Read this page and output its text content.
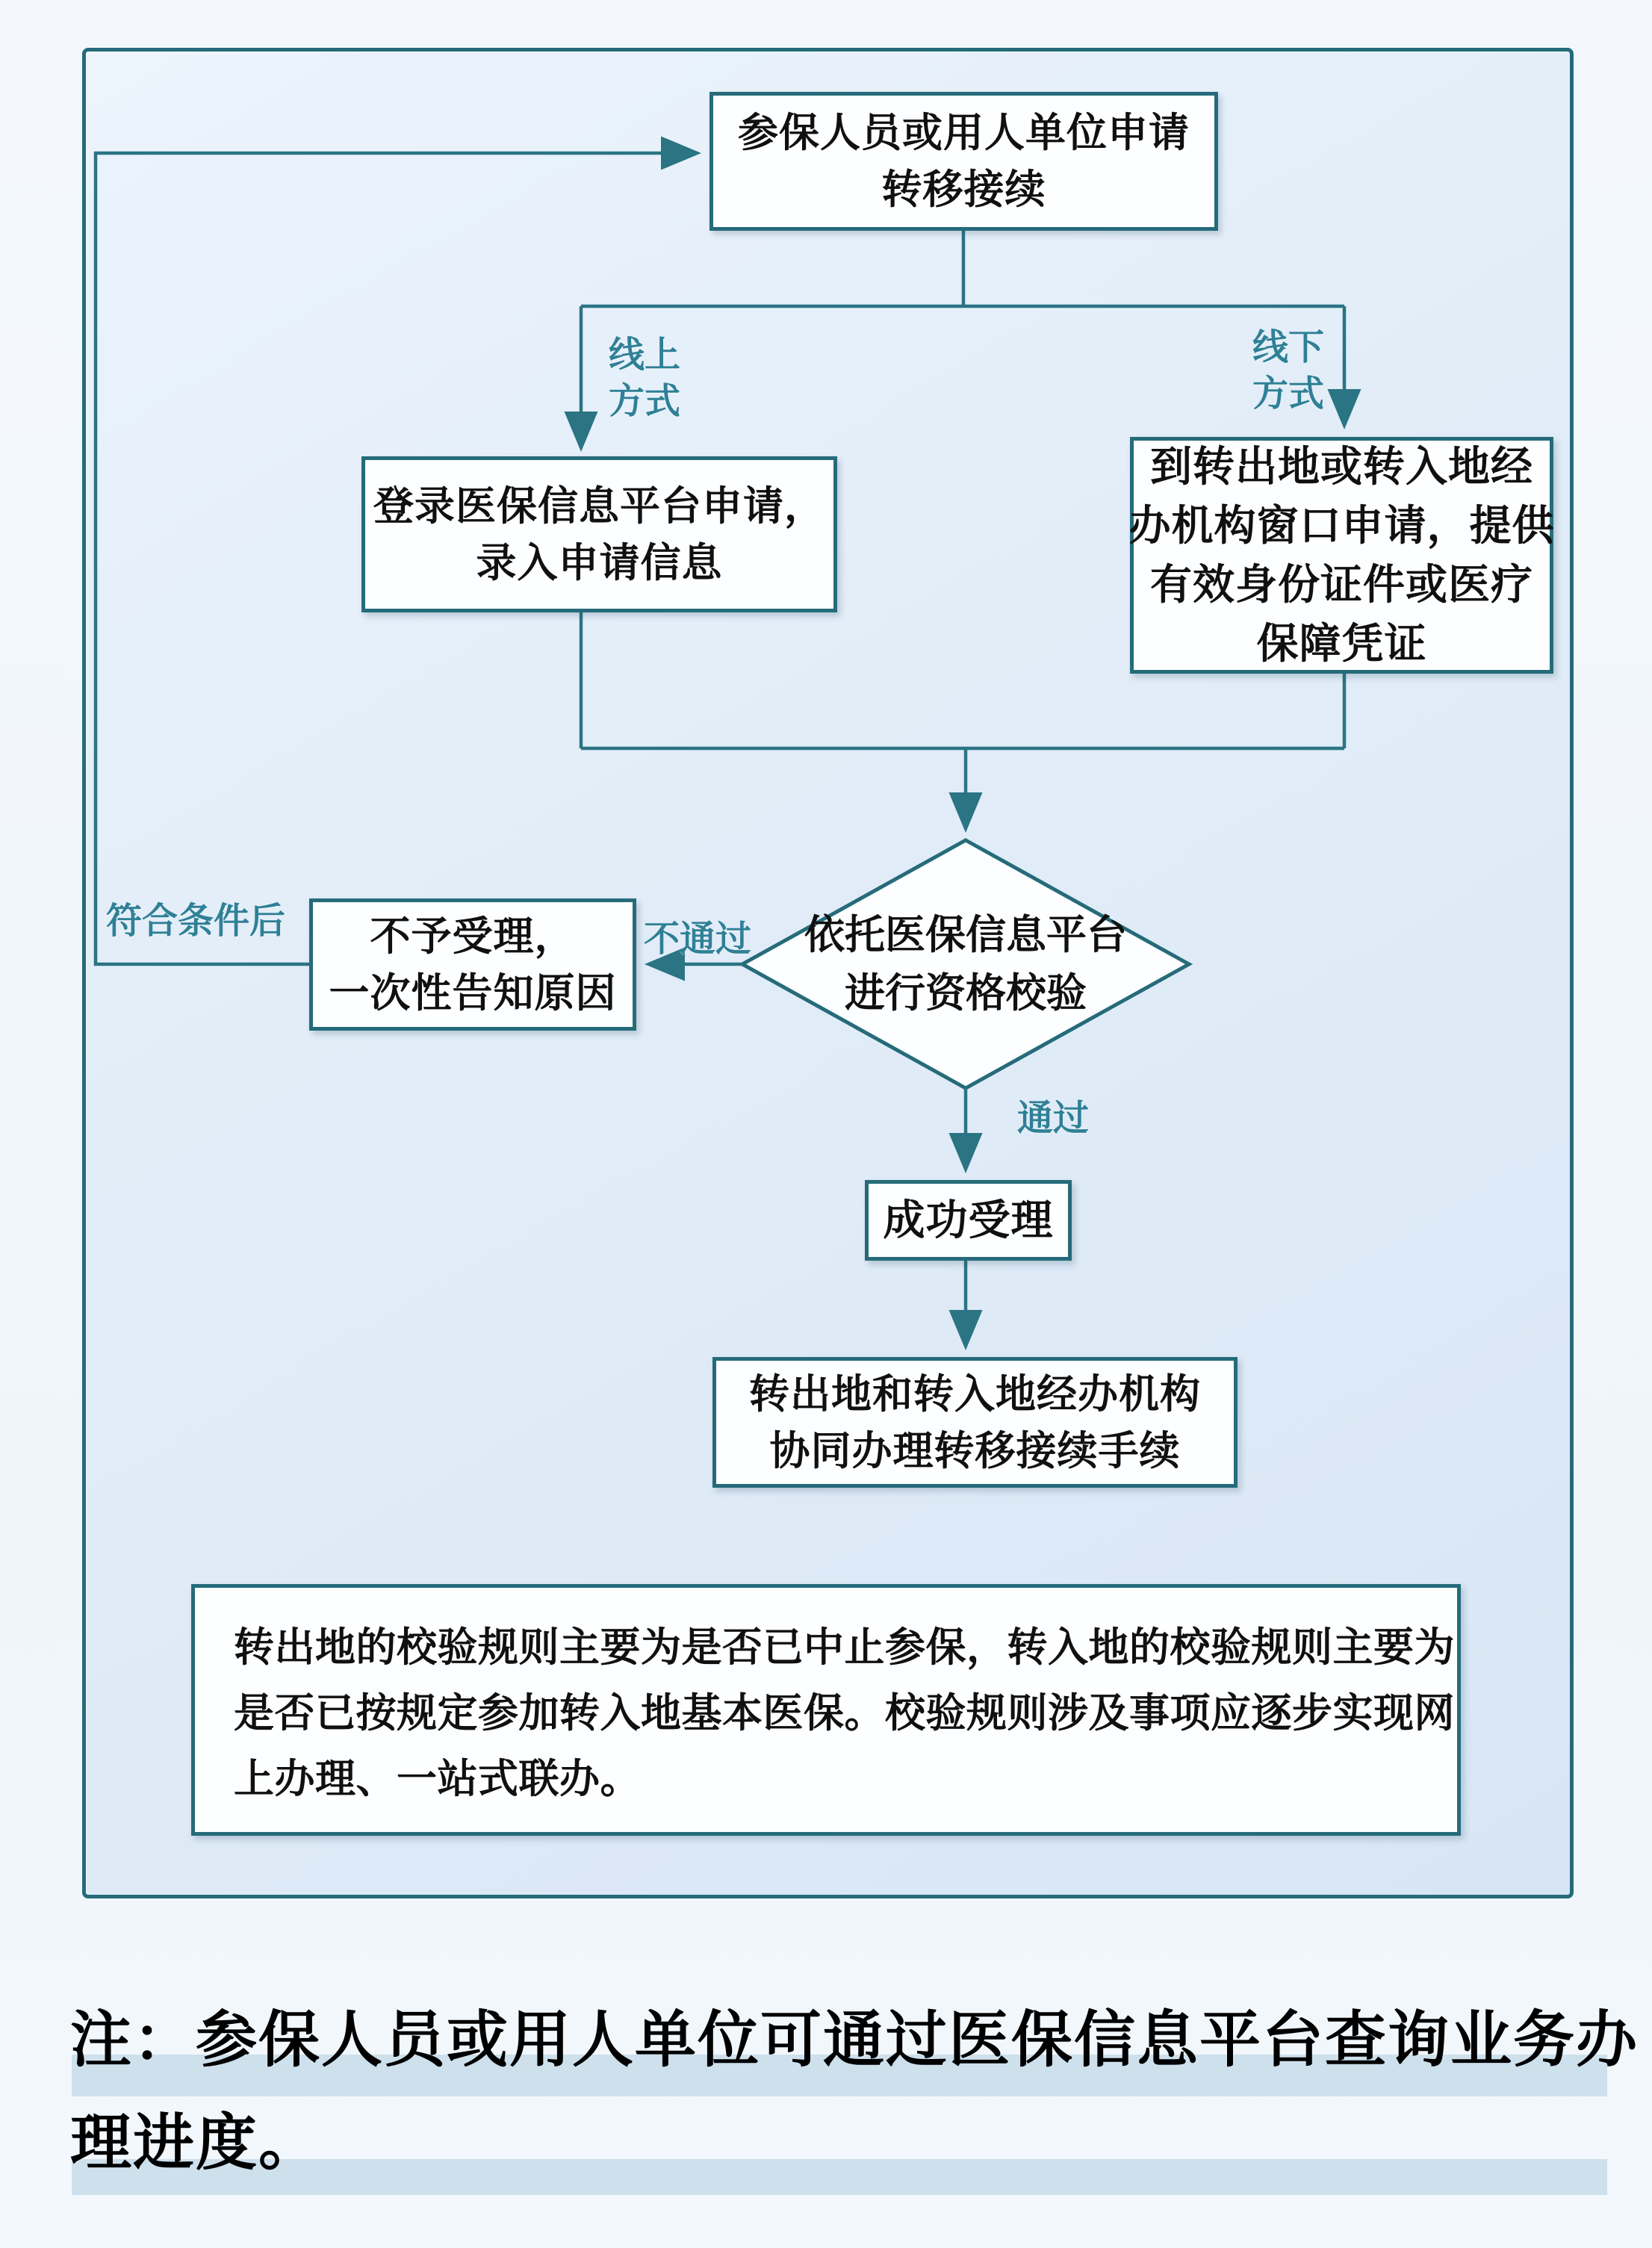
参保人员或用人单位申请
转移接续
登录医保信息平台申请，
录入申请信息
到转出地或转入地经
办机构窗口申请，提供
有效身份证件或医疗
保障凭证
依托医保信息平台
进行资格校验
不予受理，
一次性告知原因
成功受理
转出地和转入地经办机构
协同办理转移接续手续
线上
方式
线下
方式
不通过
通过
符合条件后
转出地的校验规则主要为是否已中止参保，转入地的校验规则主要为
是否已按规定参加转入地基本医保。校验规则涉及事项应逐步实现网
上办理、一站式联办。
注：参保人员或用人单位可通过医保信息平台查询业务办
理进度。
